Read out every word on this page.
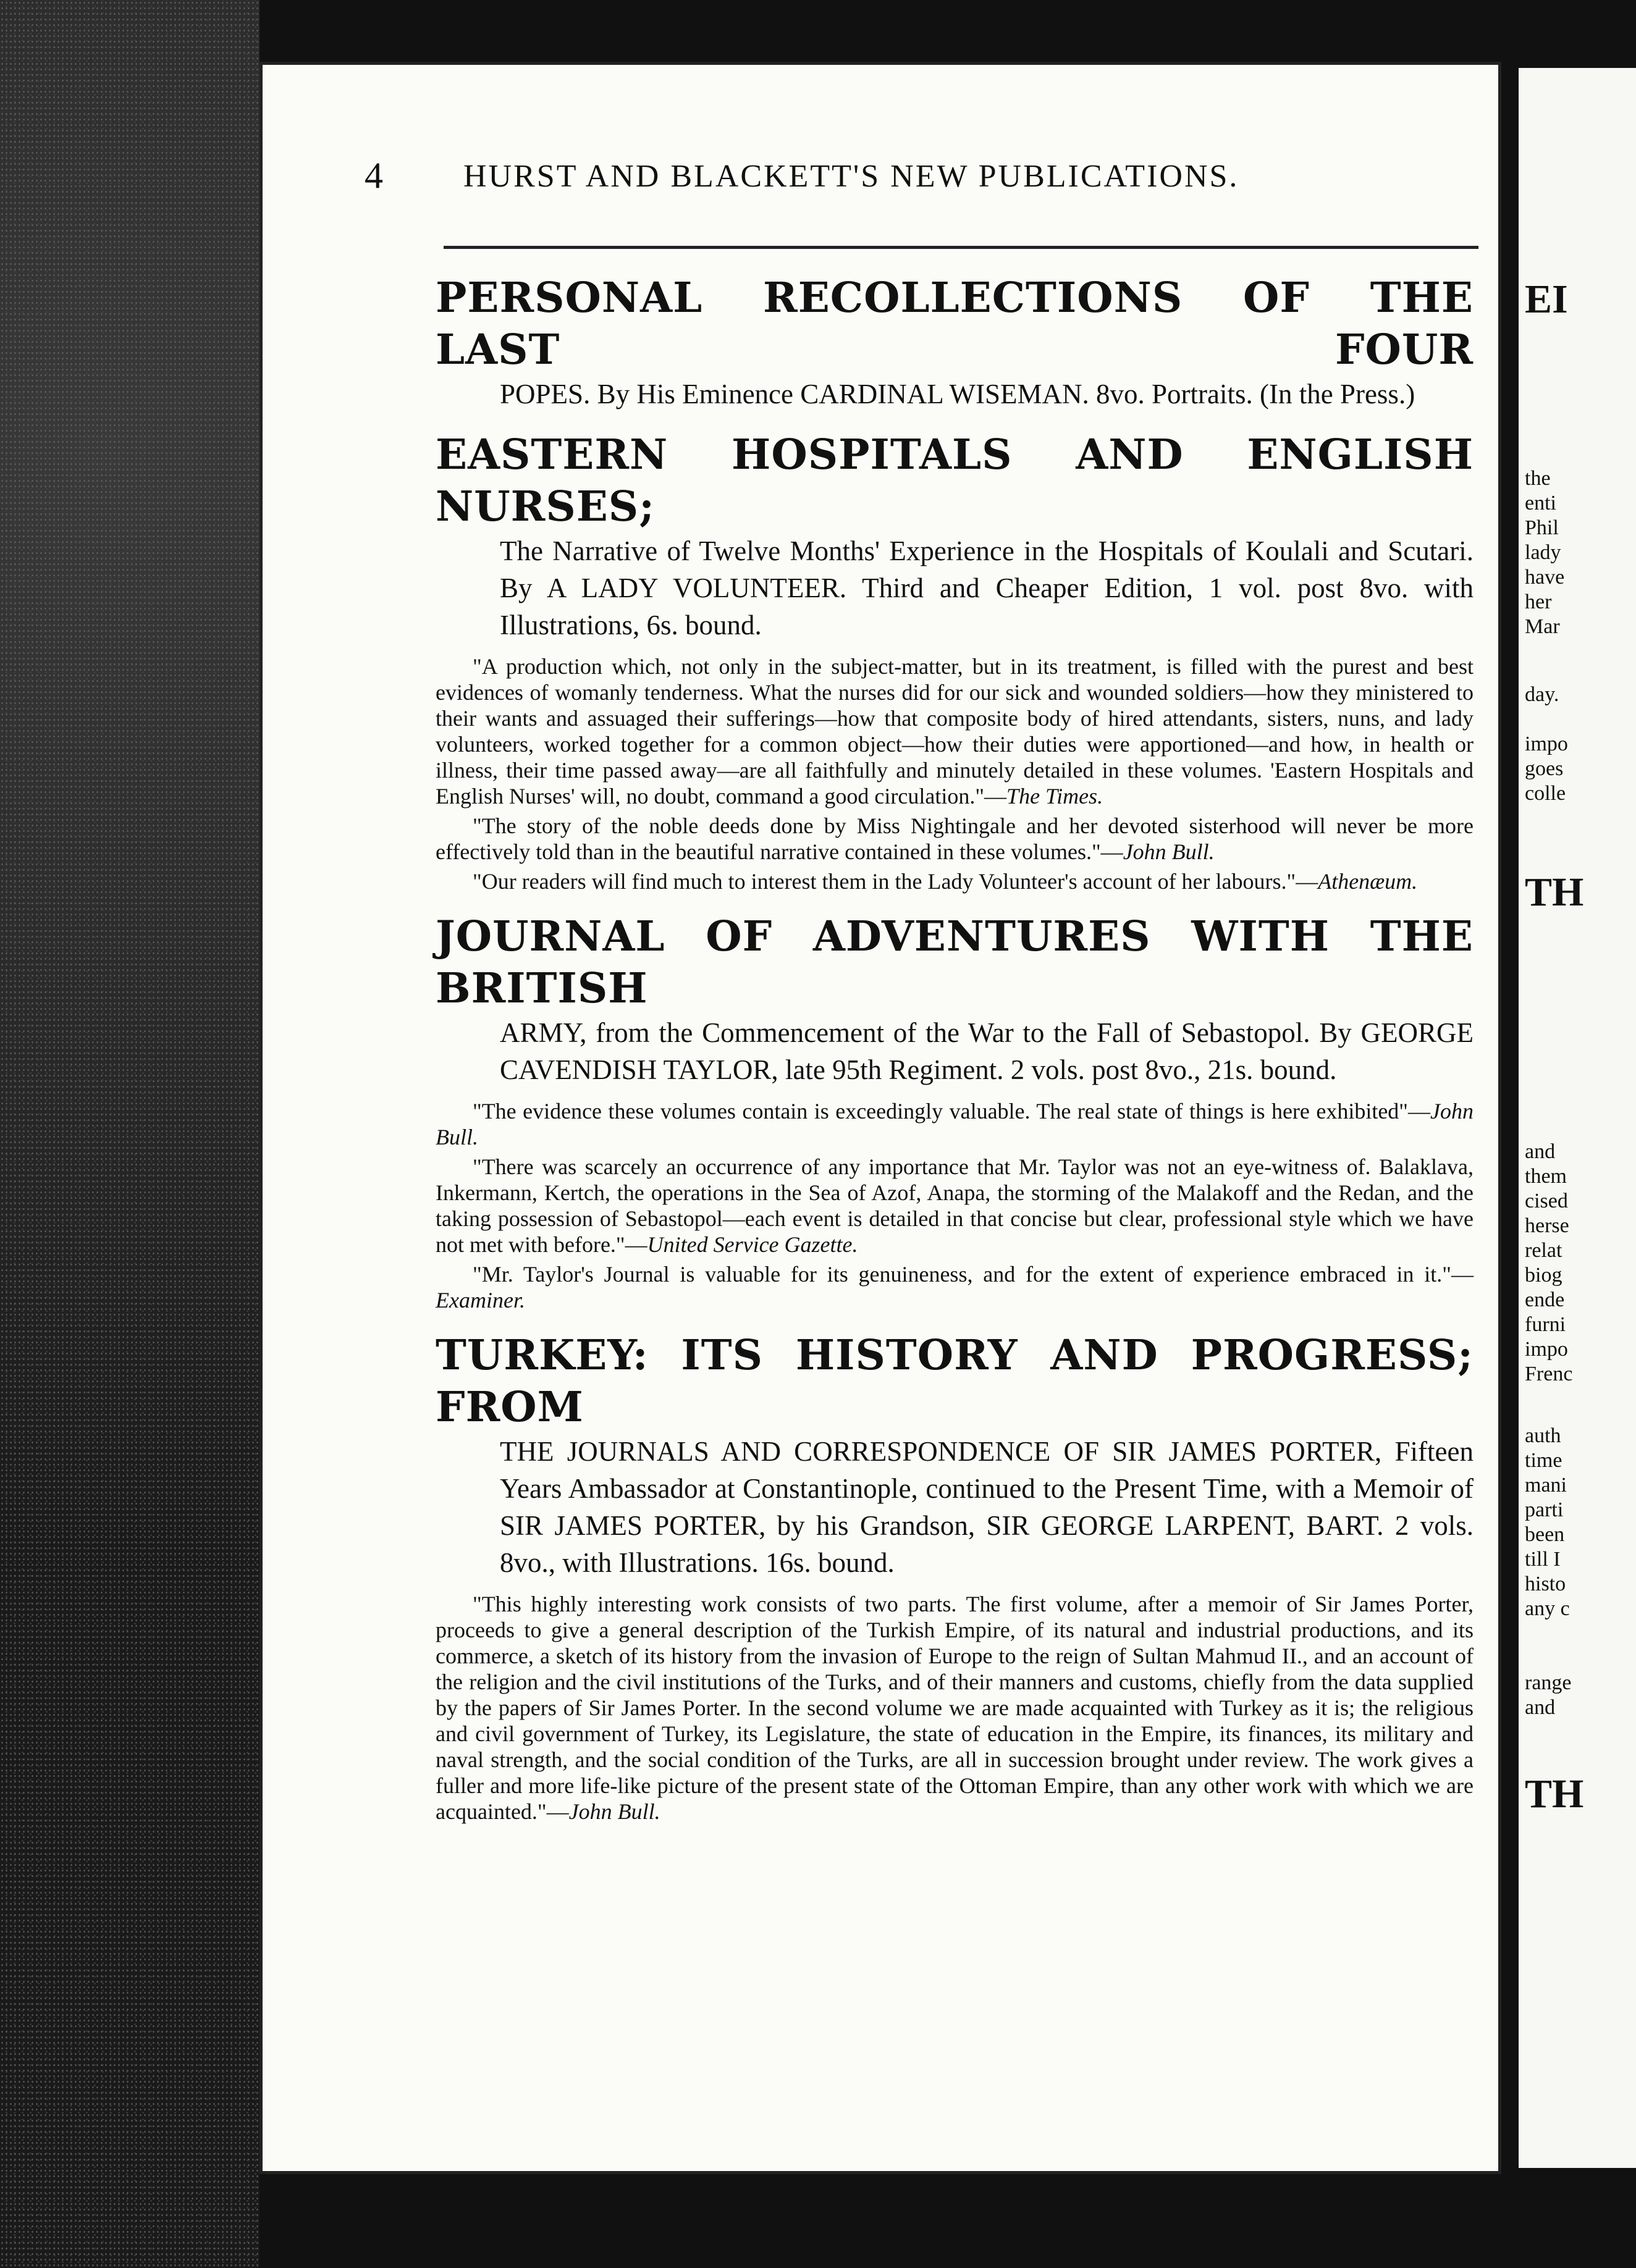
EI
the
enti
Phil
lady
have
her
Mar
day.
impo
goes
colle
TH
and
them
cised
herse
relat
biog
ende
furni
impo
Frenc
auth
time
mani
parti
been
till I
histo
any c
range
and
TH
4 HURST AND BLACKETT'S NEW PUBLICATIONS.

PERSONAL RECOLLECTIONS OF THE LAST FOUR

POPES. By His Eminence CARDINAL WISEMAN. 8vo. Portraits. (In the Press.)

EASTERN HOSPITALS AND ENGLISH NURSES;

The Narrative of Twelve Months' Experience in the Hospitals of Koulali and Scutari. By A LADY VOLUNTEER. Third and Cheaper Edition, 1 vol. post 8vo. with Illustrations, 6s. bound.

"A production which, not only in the subject-matter, but in its treatment, is filled with the purest and best evidences of womanly tenderness. What the nurses did for our sick and wounded soldiers—how they ministered to their wants and assuaged their sufferings—how that composite body of hired attendants, sisters, nuns, and lady volunteers, worked together for a common object—how their duties were apportioned—and how, in health or illness, their time passed away—are all faithfully and minutely detailed in these volumes. 'Eastern Hospitals and English Nurses' will, no doubt, command a good circulation."—The Times.

"The story of the noble deeds done by Miss Nightingale and her devoted sisterhood will never be more effectively told than in the beautiful narrative contained in these volumes."—John Bull.

"Our readers will find much to interest them in the Lady Volunteer's account of her labours."—Athenæum.

JOURNAL OF ADVENTURES WITH THE BRITISH

ARMY, from the Commencement of the War to the Fall of Sebastopol. By GEORGE CAVENDISH TAYLOR, late 95th Regiment. 2 vols. post 8vo., 21s. bound.

"The evidence these volumes contain is exceedingly valuable. The real state of things is here exhibited"—John Bull.

"There was scarcely an occurrence of any importance that Mr. Taylor was not an eye-witness of. Balaklava, Inkermann, Kertch, the operations in the Sea of Azof, Anapa, the storming of the Malakoff and the Redan, and the taking possession of Sebastopol—each event is detailed in that concise but clear, professional style which we have not met with before."—United Service Gazette.

"Mr. Taylor's Journal is valuable for its genuineness, and for the extent of experience embraced in it."—Examiner.

TURKEY: ITS HISTORY AND PROGRESS; FROM

THE JOURNALS AND CORRESPONDENCE OF SIR JAMES PORTER, Fifteen Years Ambassador at Constantinople, continued to the Present Time, with a Memoir of SIR JAMES PORTER, by his Grandson, SIR GEORGE LARPENT, BART. 2 vols. 8vo., with Illustrations. 16s. bound.

"This highly interesting work consists of two parts. The first volume, after a memoir of Sir James Porter, proceeds to give a general description of the Turkish Empire, of its natural and industrial productions, and its commerce, a sketch of its history from the invasion of Europe to the reign of Sultan Mahmud II., and an account of the religion and the civil institutions of the Turks, and of their manners and customs, chiefly from the data supplied by the papers of Sir James Porter. In the second volume we are made acquainted with Turkey as it is; the religious and civil government of Turkey, its Legislature, the state of education in the Empire, its finances, its military and naval strength, and the social condition of the Turks, are all in succession brought under review. The work gives a fuller and more life-like picture of the present state of the Ottoman Empire, than any other work with which we are acquainted."—John Bull.
